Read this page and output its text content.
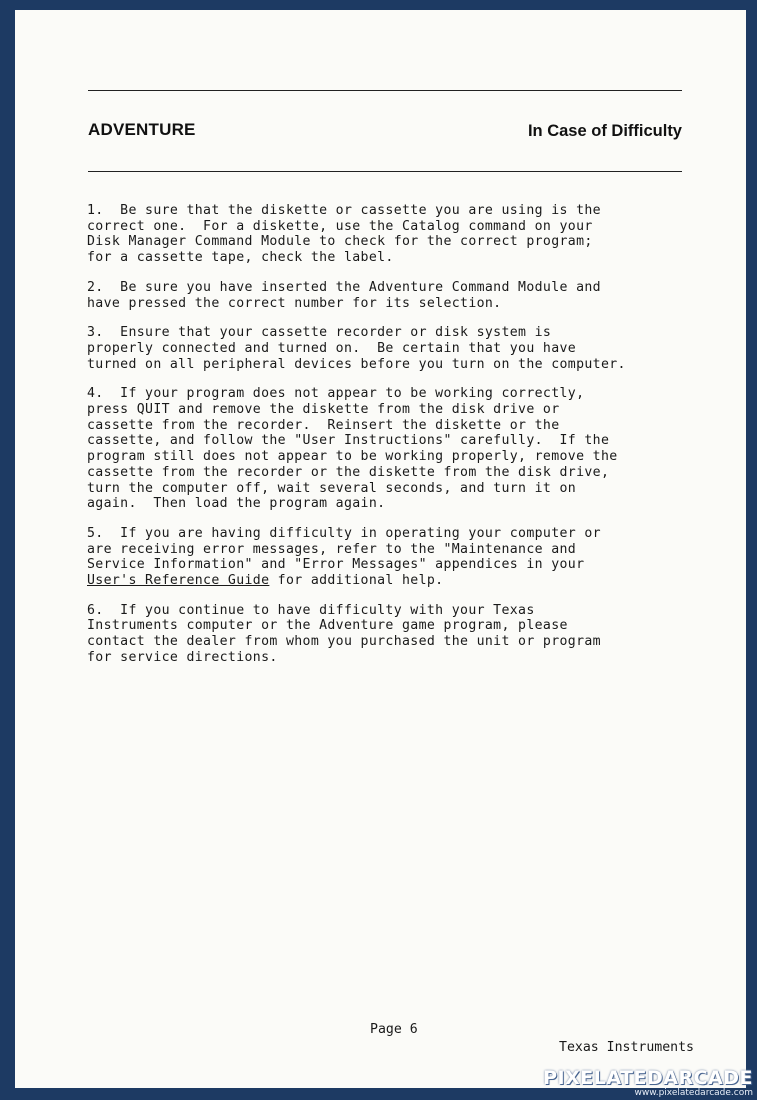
ADVENTURE	In Case of Difficulty

1.  Be sure that the diskette or cassette you are using is the
correct one.  For a diskette, use the Catalog command on your
Disk Manager Command Module to check for the correct program;
for a cassette tape, check the label.

2.  Be sure you have inserted the Adventure Command Module and
have pressed the correct number for its selection.

3.  Ensure that your cassette recorder or disk system is
properly connected and turned on.  Be certain that you have
turned on all peripheral devices before you turn on the computer.

4.  If your program does not appear to be working correctly,
press QUIT and remove the diskette from the disk drive or
cassette from the recorder.  Reinsert the diskette or the
cassette, and follow the "User Instructions" carefully.  If the
program still does not appear to be working properly, remove the
cassette from the recorder or the diskette from the disk drive,
turn the computer off, wait several seconds, and turn it on
again.  Then load the program again.

5.  If you are having difficulty in operating your computer or
are receiving error messages, refer to the "Maintenance and
Service Information" and "Error Messages" appendices in your
User's Reference Guide for additional help.

6.  If you continue to have difficulty with your Texas
Instruments computer or the Adventure game program, please
contact the dealer from whom you purchased the unit or program
for service directions.

Page 6
Texas Instruments
PIXELATEDARCADE
www.pixelatedarcade.com
